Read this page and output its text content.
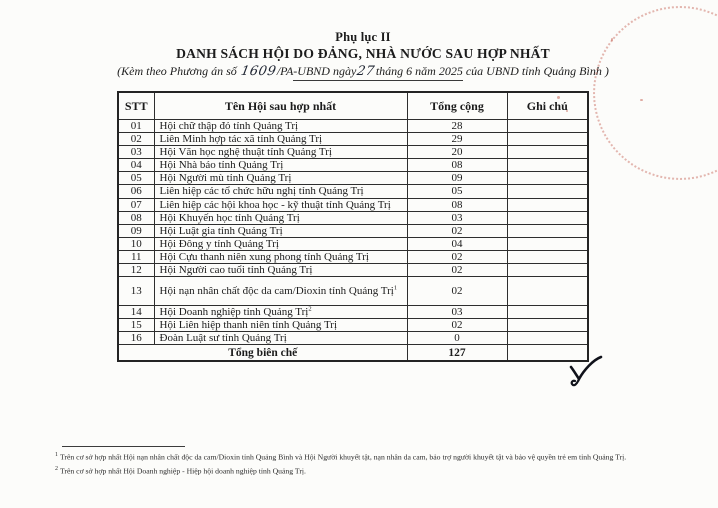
Phụ lục II
DANH SÁCH HỘI DO ĐẢNG, NHÀ NƯỚC SAU HỢP NHẤT
(Kèm theo Phương án số 1609/PA-UBND ngày27tháng 6 năm 2025 của UBND tỉnh Quảng Bình )
STT	Tên Hội sau hợp nhất	Tổng cộng	Ghi chú
01	Hội chữ thập đỏ tỉnh Quảng Trị	28	
02	Liên Minh hợp tác xã tỉnh Quảng Trị	29	
03	Hội Văn học nghệ thuật tỉnh Quảng Trị	20	
04	Hội Nhà báo tỉnh Quảng Trị	08	
05	Hội Người mù tỉnh Quảng Trị	09	
06	Liên hiệp các tổ chức hữu nghị tỉnh Quảng Trị	05	
07	Liên hiệp các hội khoa học - kỹ thuật tỉnh Quảng Trị	08	
08	Hội Khuyến học tỉnh Quảng Trị	03	
09	Hội Luật gia tỉnh Quảng Trị	02	
10	Hội Đông y tỉnh Quảng Trị	04	
11	Hội Cựu thanh niên xung phong tỉnh Quảng Trị	02	
12	Hội Người cao tuổi tỉnh Quảng Trị	02	
13	Hội nạn nhân chất độc da cam/Dioxin tỉnh Quảng Trị$^1$	02	
14	Hội Doanh nghiệp tỉnh Quảng Trị$^2$	03	
15	Hội Liên hiệp thanh niên tỉnh Quảng Trị	02	
16	Đoàn Luật sư tỉnh Quảng Trị	0	
Tổng biên chế		127	
$^1$ Trên cơ sở hợp nhất Hội nạn nhân chất độc da cam/Dioxin tỉnh Quảng Bình và Hội Người khuyết tật, nạn nhân da cam, bảo trợ người khuyết tật và bảo vệ quyền trẻ em tỉnh Quảng Trị.
$^2$ Trên cơ sở hợp nhất Hội Doanh nghiệp - Hiệp hội doanh nghiệp tỉnh Quảng Trị.
